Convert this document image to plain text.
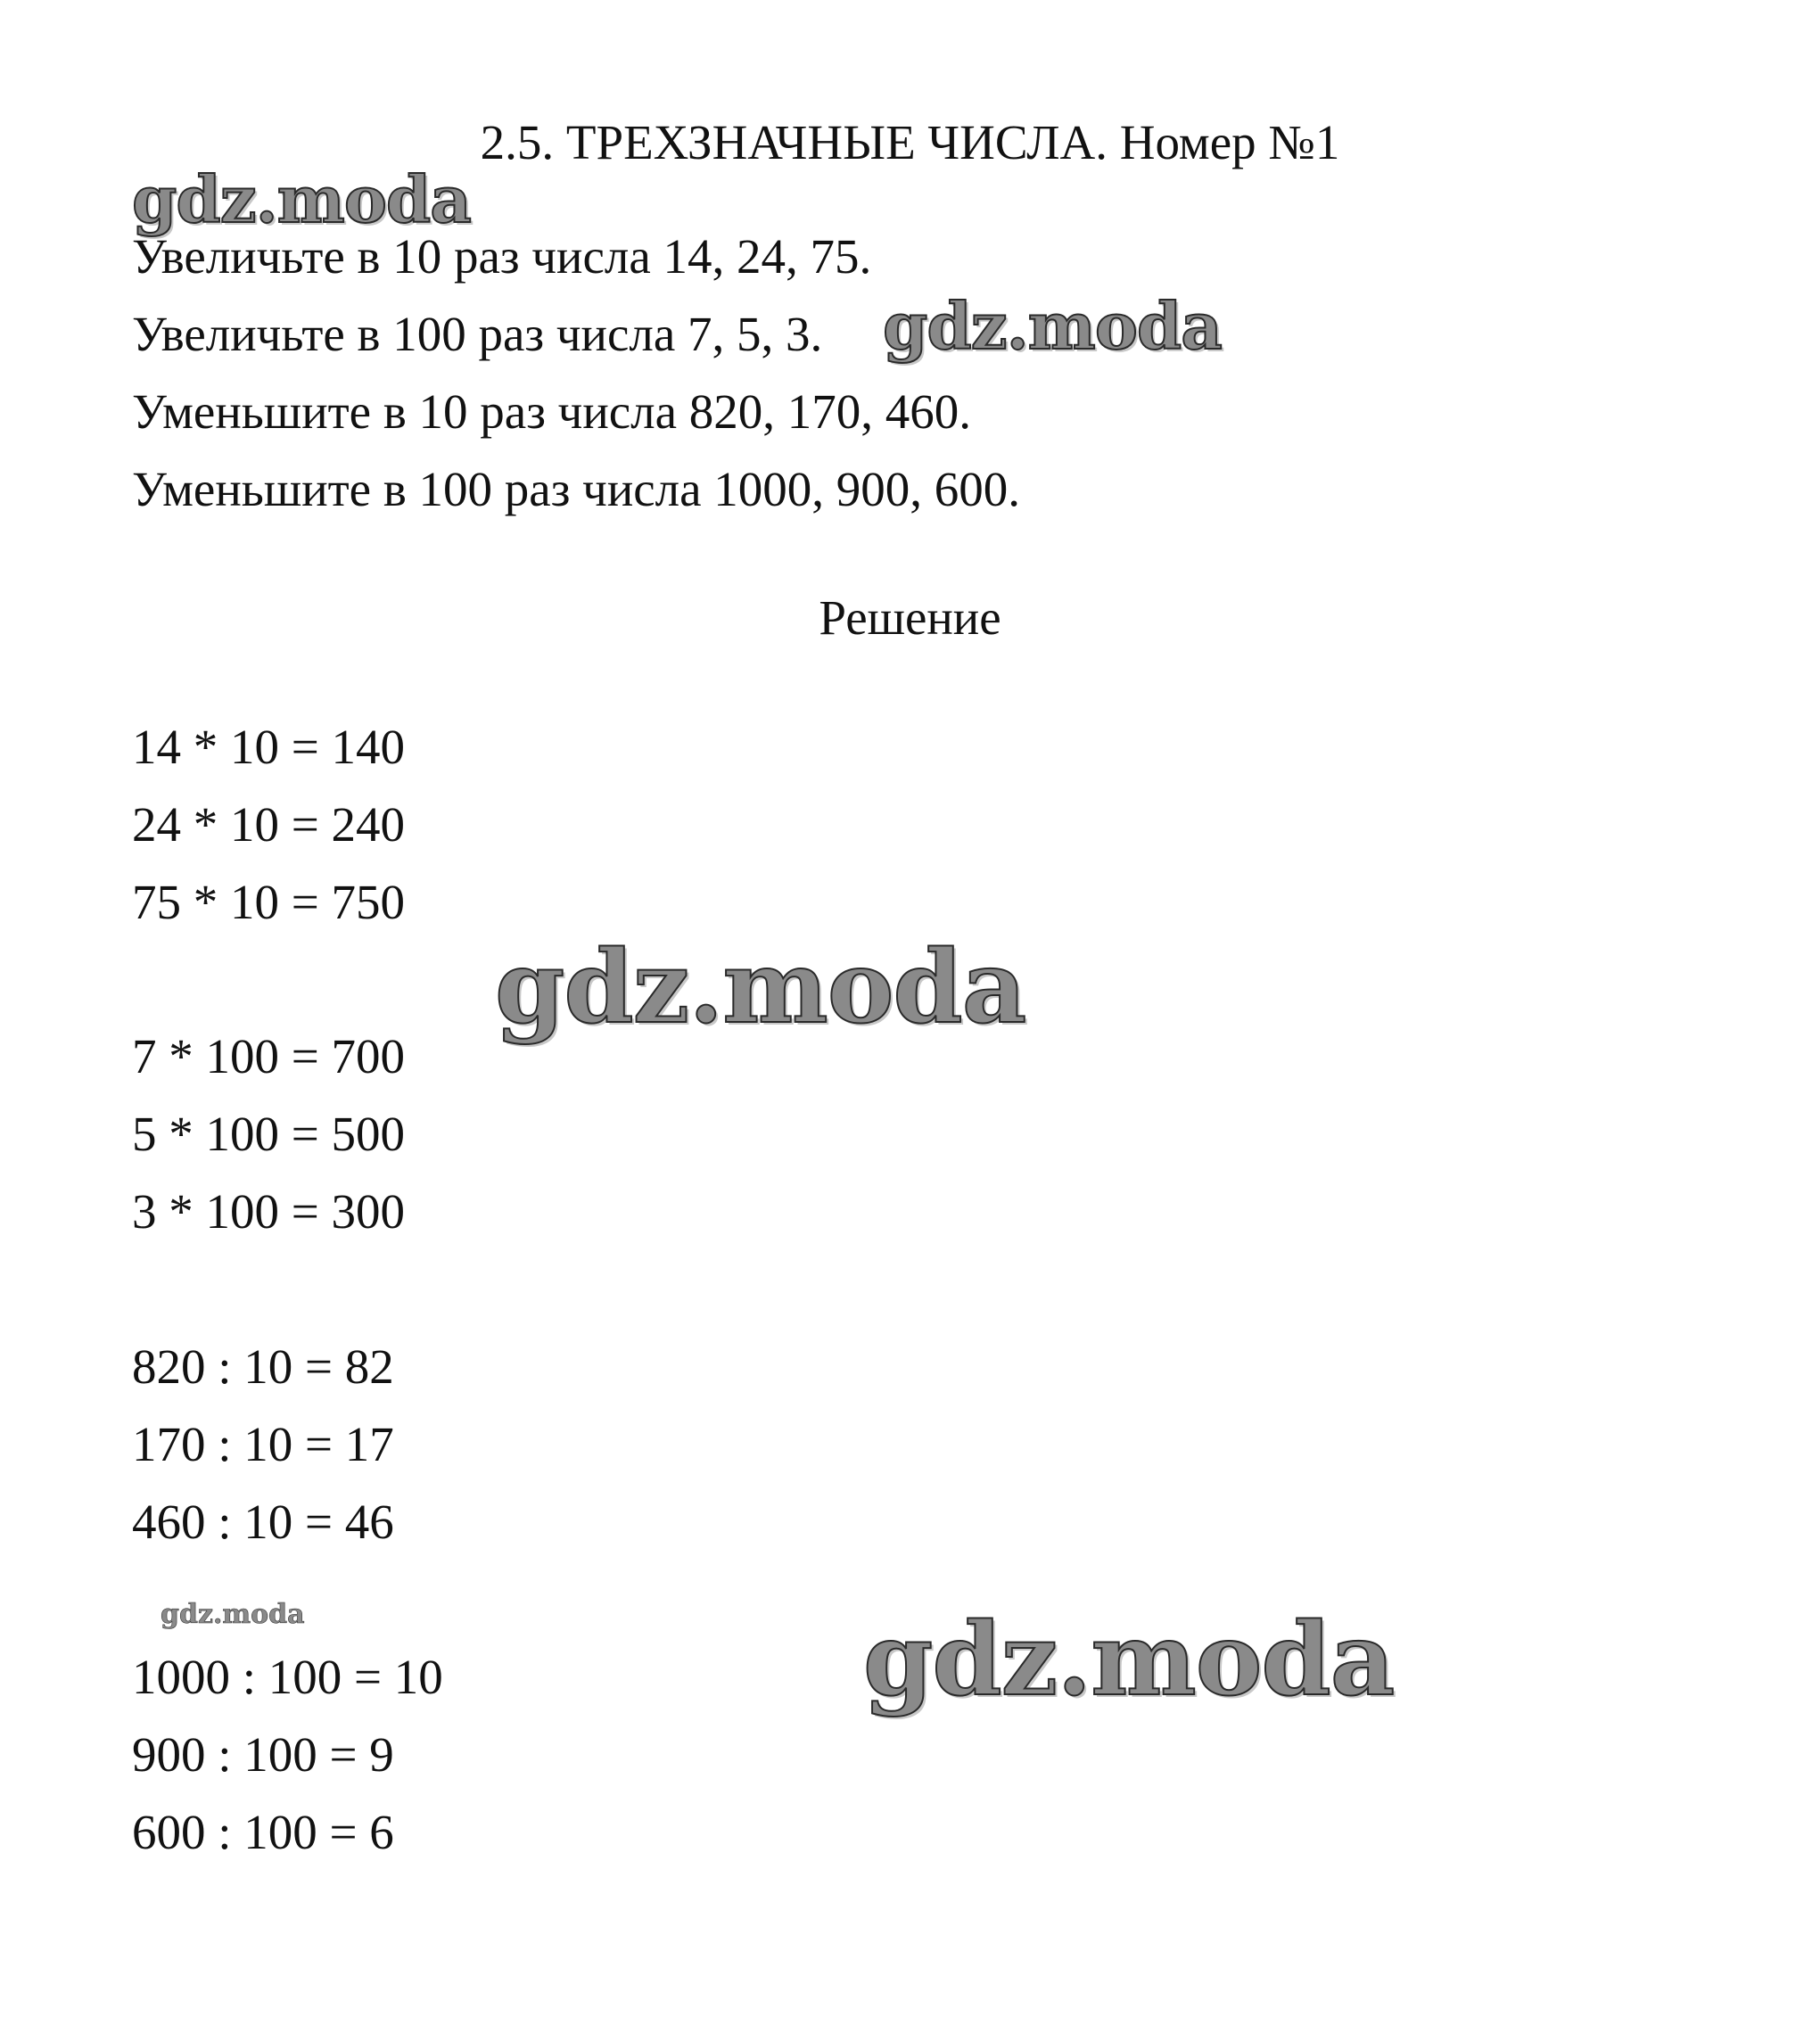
2.5. ТРЕХЗНАЧНЫЕ ЧИСЛА. Номер №1
gdz.moda
Увеличьте в 10 раз числа 14, 24, 75.
Увеличьте в 100 раз числа 7, 5, 3. gdz.moda
Уменьшите в 10 раз числа 820, 170, 460.
Уменьшите в 100 раз числа 1000, 900, 600.
Решение
14 * 10 = 140
24 * 10 = 240
75 * 10 = 750
gdz.moda
7 * 100 = 700
5 * 100 = 500
3 * 100 = 300
820 : 10 = 82
170 : 10 = 17
460 : 10 = 46
gdz.moda	gdz.moda
1000 : 100 = 10
900 : 100 = 9
600 : 100 = 6
